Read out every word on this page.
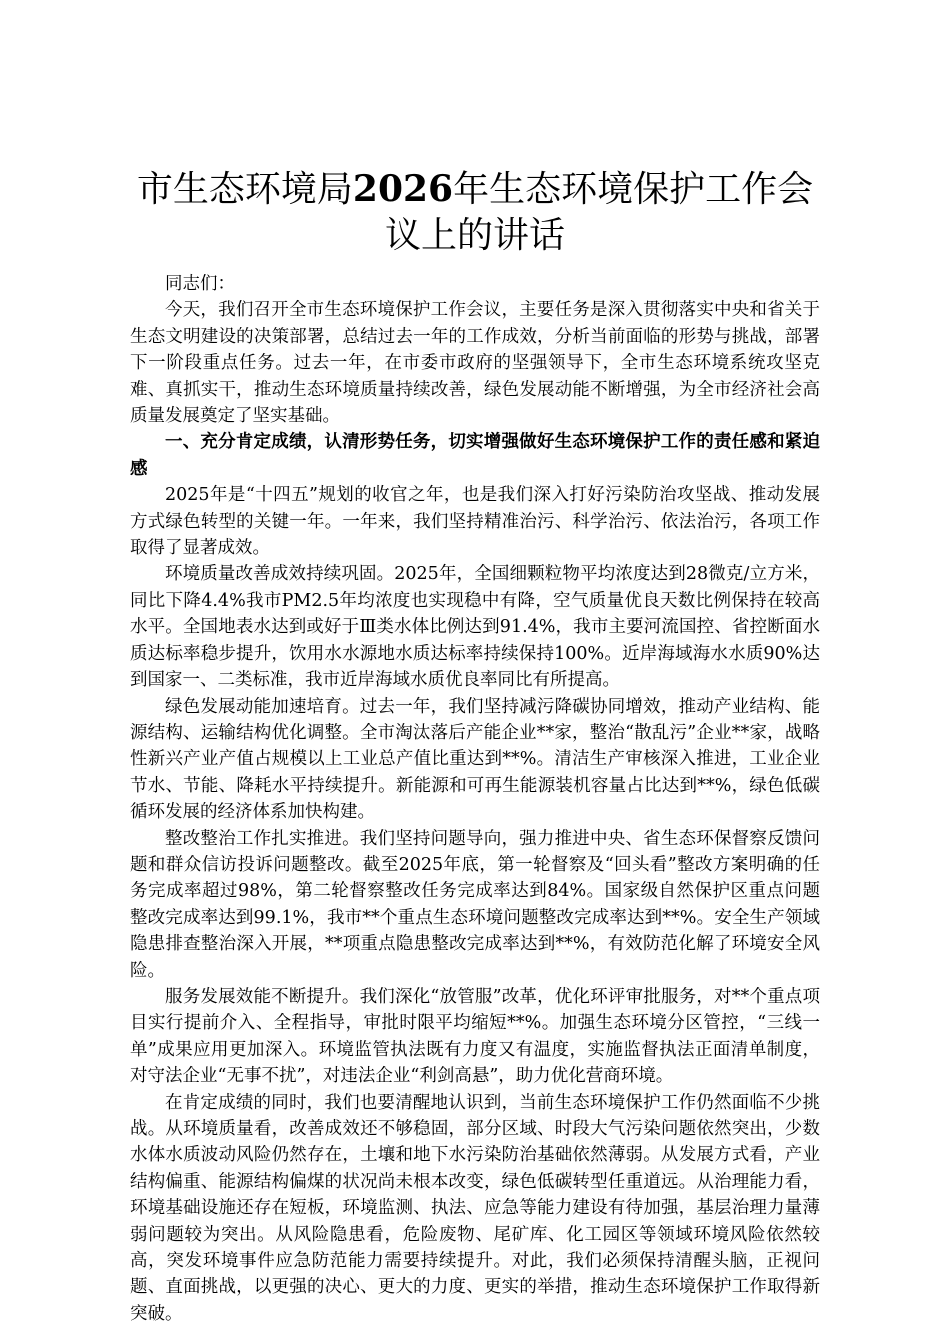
市生态环境局2026年生态环境保护工作会议上的讲话

同志们：

今天，我们召开全市生态环境保护工作会议，主要任务是深入贯彻落实中央和省关于生态文明建设的决策部署，总结过去一年的工作成效，分析当前面临的形势与挑战，部署下一阶段重点任务。过去一年，在市委市政府的坚强领导下，全市生态环境系统攻坚克难、真抓实干，推动生态环境质量持续改善，绿色发展动能不断增强，为全市经济社会高质量发展奠定了坚实基础。

一、充分肯定成绩，认清形势任务，切实增强做好生态环境保护工作的责任感和紧迫感

2025年是“十四五”规划的收官之年，也是我们深入打好污染防治攻坚战、推动发展方式绿色转型的关键一年。一年来，我们坚持精准治污、科学治污、依法治污，各项工作取得了显著成效。

环境质量改善成效持续巩固。2025年，全国细颗粒物平均浓度达到28微克/立方米，同比下降4.4%我市PM2.5年均浓度也实现稳中有降，空气质量优良天数比例保持在较高水平。全国地表水达到或好于Ⅲ类水体比例达到91.4%，我市主要河流国控、省控断面水质达标率稳步提升，饮用水水源地水质达标率持续保持100%。近岸海域海水水质90%达到国家一、二类标准，我市近岸海域水质优良率同比有所提高。

绿色发展动能加速培育。过去一年，我们坚持减污降碳协同增效，推动产业结构、能源结构、运输结构优化调整。全市淘汰落后产能企业**家，整治“散乱污”企业**家，战略性新兴产业产值占规模以上工业总产值比重达到**%。清洁生产审核深入推进，工业企业节水、节能、降耗水平持续提升。新能源和可再生能源装机容量占比达到**%，绿色低碳循环发展的经济体系加快构建。

整改整治工作扎实推进。我们坚持问题导向，强力推进中央、省生态环保督察反馈问题和群众信访投诉问题整改。截至2025年底，第一轮督察及“回头看”整改方案明确的任务完成率超过98%，第二轮督察整改任务完成率达到84%。国家级自然保护区重点问题整改完成率达到99.1%，我市**个重点生态环境问题整改完成率达到**%。安全生产领域隐患排查整治深入开展，**项重点隐患整改完成率达到**%，有效防范化解了环境安全风险。

服务发展效能不断提升。我们深化“放管服”改革，优化环评审批服务，对**个重点项目实行提前介入、全程指导，审批时限平均缩短**%。加强生态环境分区管控，“三线一单”成果应用更加深入。环境监管执法既有力度又有温度，实施监督执法正面清单制度，对守法企业“无事不扰”，对违法企业“利剑高悬”，助力优化营商环境。

在肯定成绩的同时，我们也要清醒地认识到，当前生态环境保护工作仍然面临不少挑战。从环境质量看，改善成效还不够稳固，部分区域、时段大气污染问题依然突出，少数水体水质波动风险仍然存在，土壤和地下水污染防治基础依然薄弱。从发展方式看，产业结构偏重、能源结构偏煤的状况尚未根本改变，绿色低碳转型任重道远。从治理能力看，环境基础设施还存在短板，环境监测、执法、应急等能力建设有待加强，基层治理力量薄弱问题较为突出。从风险隐患看，危险废物、尾矿库、化工园区等领域环境风险依然较高，突发环境事件应急防范能力需要持续提升。对此，我们必须保持清醒头脑，正视问题、直面挑战，以更强的决心、更大的力度、更实的举措，推动生态环境保护工作取得新突破。
